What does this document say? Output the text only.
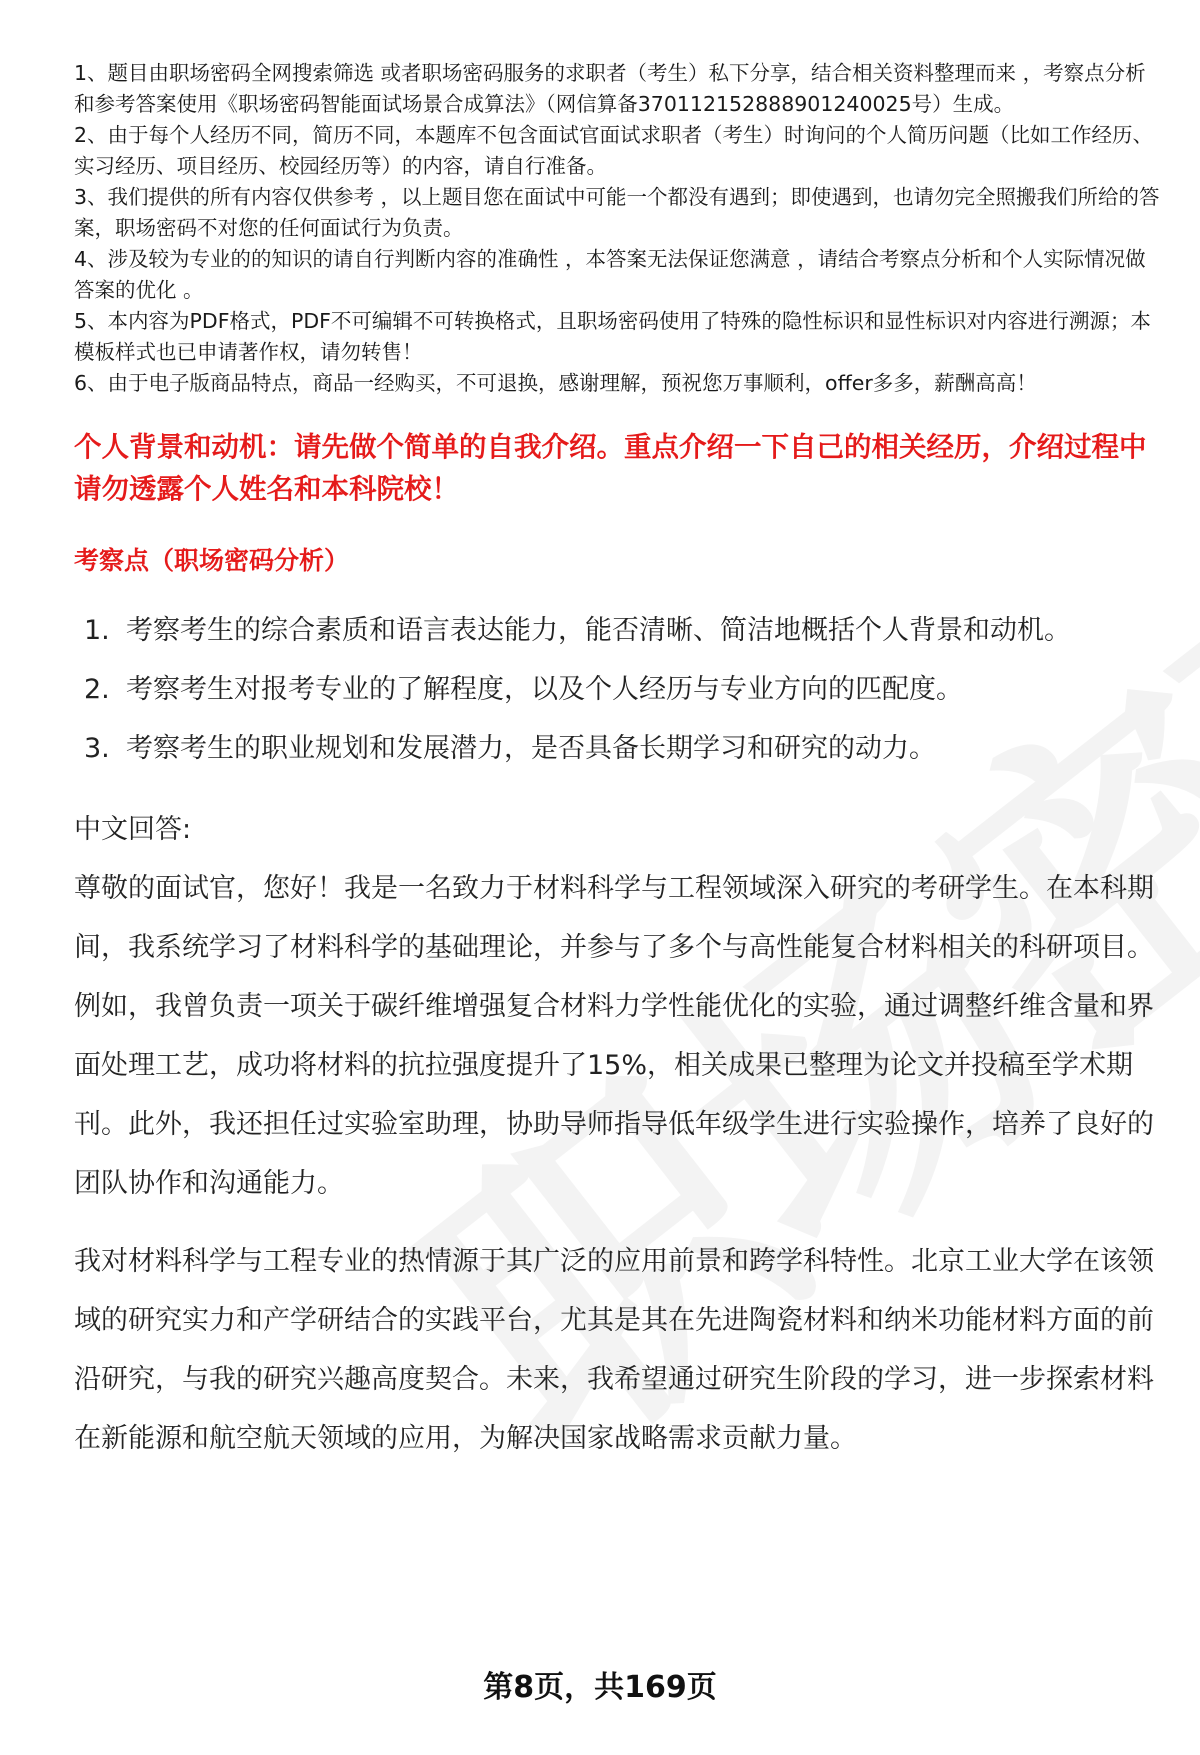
1、题目由职场密码全网搜索筛选 或者职场密码服务的求职者（考生）私下分享，结合相关资料整理而来 ，考察点分析和参考答案使用《职场密码智能面试场景合成算法》（网信算备370112152888901240025号）生成。

2、由于每个人经历不同，简历不同，本题库不包含面试官面试求职者（考生）时询问的个人简历问题（比如工作经历、实习经历、项目经历、校园经历等）的内容，请自行准备。

3、我们提供的所有内容仅供参考 ，以上题目您在面试中可能一个都没有遇到；即使遇到，也请勿完全照搬我们所给的答案，职场密码不对您的任何面试行为负责。

4、涉及较为专业的的知识的请自行判断内容的准确性 ，本答案无法保证您满意 ，请结合考察点分析和个人实际情况做答案的优化 。

5、本内容为PDF格式，PDF不可编辑不可转换格式，且职场密码使用了特殊的隐性标识和显性标识对内容进行溯源；本模板样式也已申请著作权，请勿转售！

6、由于电子版商品特点，商品一经购买，不可退换，感谢理解，预祝您万事顺利，offer多多，薪酬高高！

个人背景和动机：请先做个简单的自我介绍。重点介绍一下自己的相关经历，介绍过程中请勿透露个人姓名和本科院校！
考察点（职场密码分析）
1. 考察考生的综合素质和语言表达能力，能否清晰、简洁地概括个人背景和动机。
2. 考察考生对报考专业的了解程度，以及个人经历与专业方向的匹配度。
3. 考察考生的职业规划和发展潜力，是否具备长期学习和研究的动力。
中文回答:

尊敬的面试官，您好！我是一名致力于材料科学与工程领域深入研究的考研学生。在本科期间，我系统学习了材料科学的基础理论，并参与了多个与高性能复合材料相关的科研项目。例如，我曾负责一项关于碳纤维增强复合材料力学性能优化的实验，通过调整纤维含量和界面处理工艺，成功将材料的抗拉强度提升了15%，相关成果已整理为论文并投稿至学术期刊。此外，我还担任过实验室助理，协助导师指导低年级学生进行实验操作，培养了良好的团队协作和沟通能力。

我对材料科学与工程专业的热情源于其广泛的应用前景和跨学科特性。北京工业大学在该领域的研究实力和产学研结合的实践平台，尤其是其在先进陶瓷材料和纳米功能材料方面的前沿研究，与我的研究兴趣高度契合。未来，我希望通过研究生阶段的学习，进一步探索材料在新能源和航空航天领域的应用，为解决国家战略需求贡献力量。

第8页，共169页
